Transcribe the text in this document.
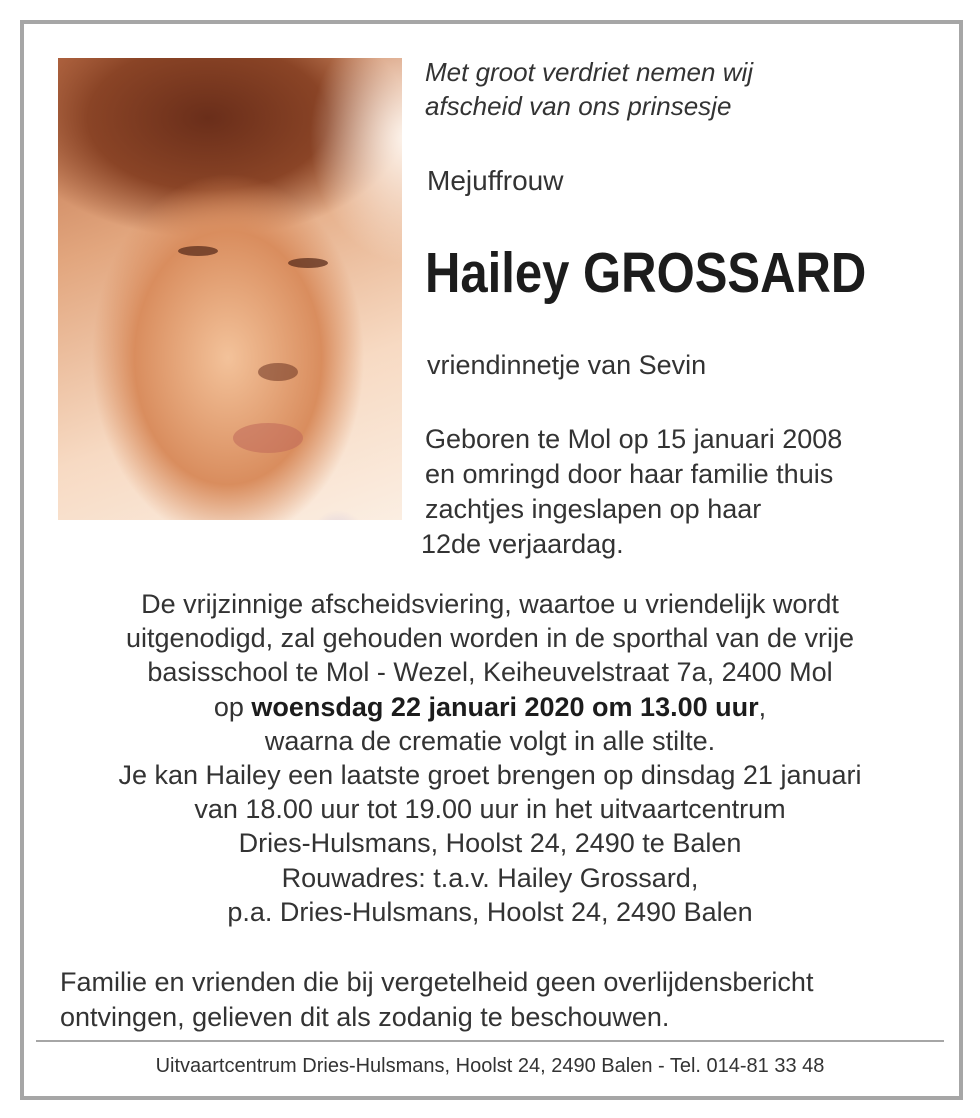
Met groot verdriet nemen wij
afscheid van ons prinsesje
Mejuffrouw
Hailey GROSSARD
vriendinnetje van Sevin
Geboren te Mol op 15 januari 2008
en omringd door haar familie thuis
zachtjes ingeslapen op haar
12de verjaardag.
De vrijzinnige afscheidsviering, waartoe u vriendelijk wordt
uitgenodigd, zal gehouden worden in de sporthal van de vrije
basisschool te Mol - Wezel, Keiheuvelstraat 7a, 2400 Mol
op woensdag 22 januari 2020 om 13.00 uur,
waarna de crematie volgt in alle stilte.
Je kan Hailey een laatste groet brengen op dinsdag 21 januari
van 18.00 uur tot 19.00 uur in het uitvaartcentrum
Dries-Hulsmans, Hoolst 24, 2490 te Balen
Rouwadres: t.a.v. Hailey Grossard,
p.a. Dries-Hulsmans, Hoolst 24, 2490 Balen
Familie en vrienden die bij vergetelheid geen overlijdensbericht
ontvingen, gelieven dit als zodanig te beschouwen.
Uitvaartcentrum Dries-Hulsmans, Hoolst 24, 2490 Balen - Tel. 014-81 33 48
